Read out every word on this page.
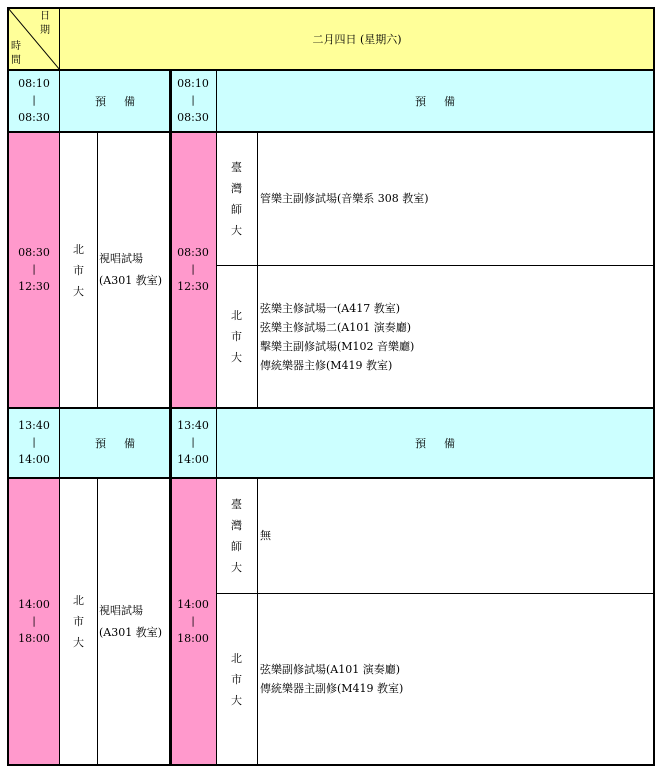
日期
時間
二月四日 (星期六)
08:10
|
08:30
預備
08:10
|
08:30
預備
08:30
|
12:30
北
市
大
視唱試場
(A301 教室)
08:30
|
12:30
臺
灣
師
大
管樂主副修試場(音樂系 308 教室)
北
市
大
弦樂主修試場一(A417 教室)
弦樂主修試場二(A101 演奏廳)
擊樂主副修試場(M102 音樂廳)
傳統樂器主修(M419 教室)
13:40
|
14:00
預備
13:40
|
14:00
預備
14:00
|
18:00
北
市
大
視唱試場
(A301 教室)
14:00
|
18:00
臺
灣
師
大
無
北
市
大
弦樂副修試場(A101 演奏廳)
傳統樂器主副修(M419 教室)
